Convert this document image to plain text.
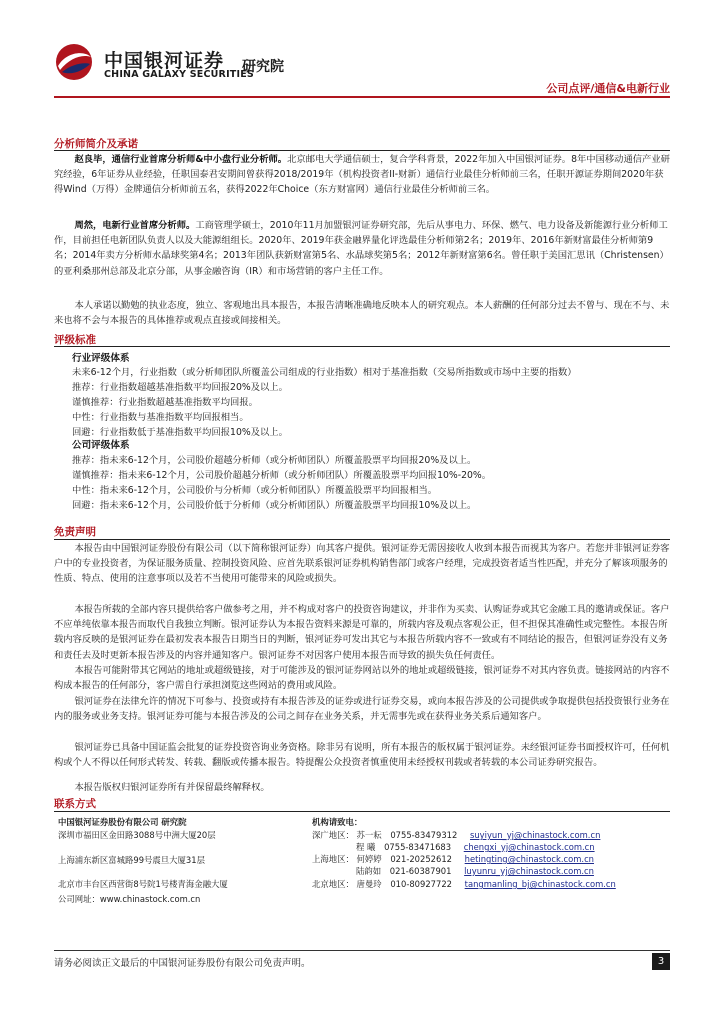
中国银河证券
CHINA GALAXY SECURITIES
研究院
公司点评/通信&电新行业
分析师简介及承诺
赵良毕，通信行业首席分析师&中小盘行业分析师。北京邮电大学通信硕士，复合学科背景，2022年加入中国银河证券。8年中国移动通信产业研究经验，6年证券从业经验，任职国泰君安期间曾获得2018/2019年（机构投资者II-财新）通信行业最佳分析师前三名，任职开源证券期间2020年获得Wind（万得）金牌通信分析师前五名，获得2022年Choice（东方财富网）通信行业最佳分析师前三名。
周然，电新行业首席分析师。工商管理学硕士，2010年11月加盟银河证券研究部，先后从事电力、环保、燃气、电力设备及新能源行业分析师工作，目前担任电新团队负责人以及大能源组组长。2020年、2019年获金融界量化评选最佳分析师第2名；2019年、2016年新财富最佳分析师第9名；2014年卖方分析师水晶球奖第4名；2013年团队获新财富第5名、水晶球奖第5名；2012年新财富第6名。曾任职于美国汇思讯（Christensen）的亚利桑那州总部及北京分部，从事金融咨询（IR）和市场营销的客户主任工作。
本人承诺以勤勉的执业态度，独立、客观地出具本报告，本报告清晰准确地反映本人的研究观点。本人薪酬的任何部分过去不曾与、现在不与、未来也将不会与本报告的具体推荐或观点直接或间接相关。
评级标准
行业评级体系
未来6-12个月，行业指数（或分析师团队所覆盖公司组成的行业指数）相对于基准指数（交易所指数或市场中主要的指数）
推荐：行业指数超越基准指数平均回报20%及以上。
谨慎推荐：行业指数超越基准指数平均回报。
中性：行业指数与基准指数平均回报相当。
回避：行业指数低于基准指数平均回报10%及以上。
公司评级体系
推荐：指未来6-12个月，公司股价超越分析师（或分析师团队）所覆盖股票平均回报20%及以上。
谨慎推荐：指未来6-12个月，公司股价超越分析师（或分析师团队）所覆盖股票平均回报10%-20%。
中性：指未来6-12个月，公司股价与分析师（或分析师团队）所覆盖股票平均回报相当。
回避：指未来6-12个月，公司股价低于分析师（或分析师团队）所覆盖股票平均回报10%及以上。
免责声明
本报告由中国银河证券股份有限公司（以下简称银河证券）向其客户提供。银河证券无需因接收人收到本报告而视其为客户。若您并非银河证券客户中的专业投资者，为保证服务质量、控制投资风险、应首先联系银河证券机构销售部门或客户经理，完成投资者适当性匹配，并充分了解该项服务的性质、特点、使用的注意事项以及若不当使用可能带来的风险或损失。
本报告所载的全部内容只提供给客户做参考之用，并不构成对客户的投资咨询建议，并非作为买卖、认购证券或其它金融工具的邀请或保证。客户不应单纯依靠本报告而取代自我独立判断。银河证券认为本报告资料来源是可靠的，所载内容及观点客观公正，但不担保其准确性或完整性。本报告所载内容反映的是银河证券在最初发表本报告日期当日的判断，银河证券可发出其它与本报告所载内容不一致或有不同结论的报告，但银河证券没有义务和责任去及时更新本报告涉及的内容并通知客户。银河证券不对因客户使用本报告而导致的损失负任何责任。
本报告可能附带其它网站的地址或超级链接，对于可能涉及的银河证券网站以外的地址或超级链接，银河证券不对其内容负责。链接网站的内容不构成本报告的任何部分，客户需自行承担浏览这些网站的费用或风险。
银河证券在法律允许的情况下可参与、投资或持有本报告涉及的证券或进行证券交易，或向本报告涉及的公司提供或争取提供包括投资银行业务在内的服务或业务支持。银河证券可能与本报告涉及的公司之间存在业务关系，并无需事先或在获得业务关系后通知客户。
银河证券已具备中国证监会批复的证券投资咨询业务资格。除非另有说明，所有本报告的版权属于银河证券。未经银河证券书面授权许可，任何机构或个人不得以任何形式转发、转载、翻版或传播本报告。特提醒公众投资者慎重使用未经授权刊载或者转载的本公司证券研究报告。
本报告版权归银河证券所有并保留最终解释权。
联系方式
中国银河证券股份有限公司 研究院
深圳市福田区金田路3088号中洲大厦20层
上海浦东新区富城路99号震旦大厦31层
北京市丰台区西营街8号院1号楼青海金融大厦
公司网址：www.chinastock.com.cn
机构请致电：
深广地区： 苏一耘 0755-83479312 suyiyun_yj@chinastock.com.cn
程 曦 0755-83471683 chengxi_yj@chinastock.com.cn
上海地区： 何婷婷 021-20252612 hetingting@chinastock.com.cn
陆韵如 021-60387901 luyunru_yj@chinastock.com.cn
北京地区： 唐曼玲 010-80927722 tangmanling_bj@chinastock.com.cn
请务必阅读正文最后的中国银河证券股份有限公司免责声明。	3
